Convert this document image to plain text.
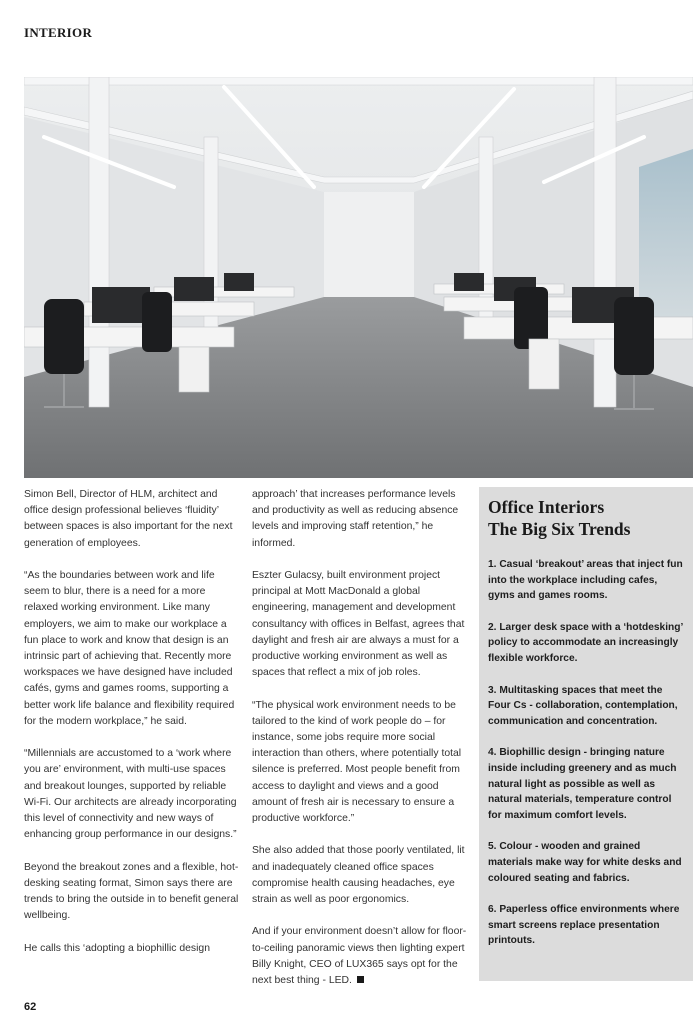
INTERIOR

Simon Bell, Director of HLM, architect and office design professional believes ‘fluidity’ between spaces is also important for the next generation of employees.

“As the boundaries between work and life seem to blur, there is a need for a more relaxed working environment. Like many employers, we aim to make our workplace a fun place to work and know that design is an intrinsic part of achieving that. Recently more workspaces we have designed have included cafés, gyms and games rooms, supporting a better work life balance and flexibility required for the modern workplace,” he said.

“Millennials are accustomed to a ‘work where you are’ environment, with multi-use spaces and breakout lounges, supported by reliable Wi-Fi. Our architects are already incorporating this level of connectivity and new ways of enhancing group performance in our designs.”

Beyond the breakout zones and a flexible, hot-desking seating format, Simon says there are trends to bring the outside in to benefit general wellbeing.

He calls this ‘adopting a biophillic design

approach’ that increases performance levels and productivity as well as reducing absence levels and improving staff retention,” he informed.

Eszter Gulacsy, built environment project principal at Mott MacDonald a global engineering, management and development consultancy with offices in Belfast, agrees that daylight and fresh air are always a must for a productive working environment as well as spaces that reflect a mix of job roles.

“The physical work environment needs to be tailored to the kind of work people do – for instance, some jobs require more social interaction than others, where potentially total silence is preferred. Most people benefit from access to daylight and views and a good amount of fresh air is necessary to ensure a productive workforce.”

She also added that those poorly ventilated, lit and inadequately cleaned office spaces compromise health causing headaches, eye strain as well as poor ergonomics.

And if your environment doesn’t allow for floor-to-ceiling panoramic views then lighting expert Billy Knight, CEO of LUX365 says opt for the next best thing - LED.

Office Interiors
The Big Six Trends
1. Casual ‘breakout’ areas that inject fun into the workplace including cafes, gyms and games rooms.
2. Larger desk space with a ‘hotdesking’ policy to accommodate an increasingly flexible workforce.
3. Multitasking spaces that meet the Four Cs - collaboration, contemplation, communication and concentration.
4. Biophillic design - bringing nature inside including greenery and as much natural light as possible as well as natural materials, temperature control for maximum comfort levels.
5. Colour - wooden and grained materials make way for white desks and coloured seating and fabrics.
6. Paperless office environments where smart screens replace presentation printouts.
62
